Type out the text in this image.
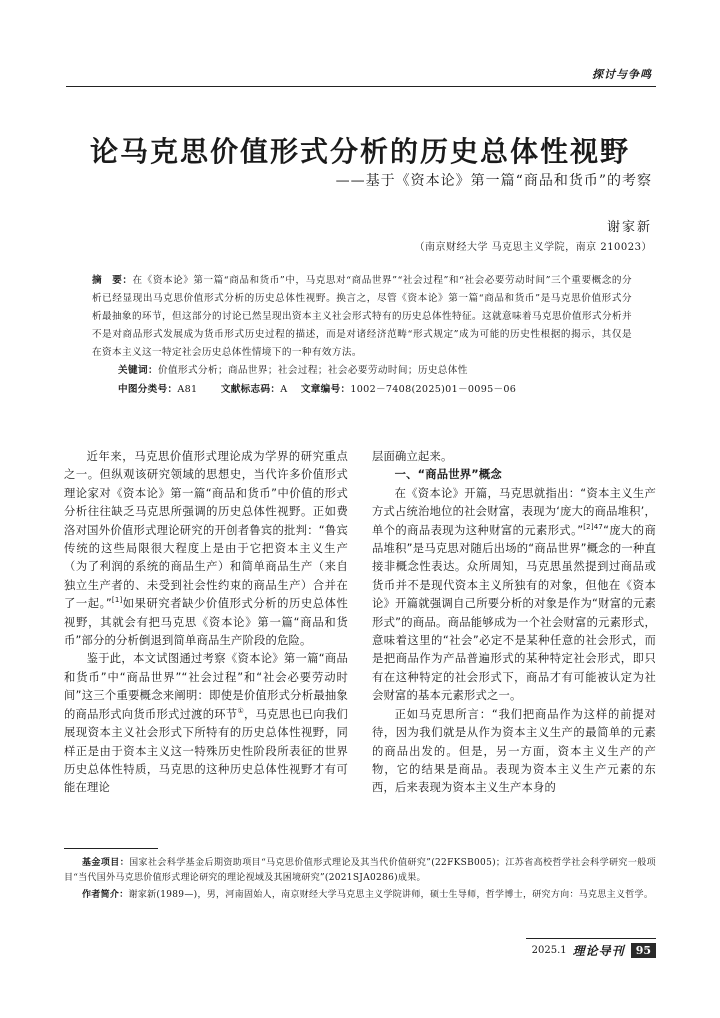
探讨与争鸣
论马克思价值形式分析的历史总体性视野
——基于《资本论》第一篇“商品和货币”的考察
谢家新
（南京财经大学 马克思主义学院，南京 210023）
摘　要：在《资本论》第一篇“商品和货币”中，马克思对“商品世界”“社会过程”和“社会必要劳动时间”三个重要概念的分析已经显现出马克思价值形式分析的历史总体性视野。换言之，尽管《资本论》第一篇“商品和货币”是马克思价值形式分析最抽象的环节，但这部分的讨论已然呈现出资本主义社会形式特有的历史总体性特征。这就意味着马克思价值形式分析并不是对商品形式发展成为货币形式历史过程的描述，而是对诸经济范畴“形式规定”成为可能的历史性根据的揭示，其仅是在资本主义这一特定社会历史总体性情境下的一种有效方法。
关键词：价值形式分析；商品世界；社会过程；社会必要劳动时间；历史总体性
中图分类号：A81 文献标志码：A 文章编号：1002－7408(2025)01－0095－06

近年来，马克思价值形式理论成为学界的研究重点之一。但纵观该研究领域的思想史，当代许多价值形式理论家对《资本论》第一篇“商品和货币”中价值的形式分析往往缺乏马克思所强调的历史总体性视野。正如费洛对国外价值形式理论研究的开创者鲁宾的批判：“鲁宾传统的这些局限很大程度上是由于它把资本主义生产（为了利润的系统的商品生产）和简单商品生产（来自独立生产者的、未受到社会性约束的商品生产）合并在了一起。”[1]如果研究者缺少价值形式分析的历史总体性视野，其就会有把马克思《资本论》第一篇“商品和货币”部分的分析倒退到简单商品生产阶段的危险。

鉴于此，本文试图通过考察《资本论》第一篇“商品和货币”中“商品世界”“社会过程”和“社会必要劳动时间”这三个重要概念来阐明：即使是价值形式分析最抽象的商品形式向货币形式过渡的环节①，马克思也已向我们展现资本主义社会形式下所特有的历史总体性视野，同样正是由于资本主义这一特殊历史性阶段所表征的世界历史总体性特质，马克思的这种历史总体性视野才有可能在理论

层面确立起来。

一、“商品世界”概念

在《资本论》开篇，马克思就指出：“资本主义生产方式占统治地位的社会财富，表现为‘庞大的商品堆积’，单个的商品表现为这种财富的元素形式。”$^{[2]47}$“庞大的商品堆积”是马克思对随后出场的“商品世界”概念的一种直接非概念性表达。众所周知，马克思虽然提到过商品或货币并不是现代资本主义所独有的对象，但他在《资本论》开篇就强调自己所要分析的对象是作为“财富的元素形式”的商品。商品能够成为一个社会财富的元素形式，意味着这里的“社会”必定不是某种任意的社会形式，而是把商品作为产品普遍形式的某种特定社会形式，即只有在这种特定的社会形式下，商品才有可能被认定为社会财富的基本元素形式之一。

正如马克思所言：“我们把商品作为这样的前提对待，因为我们就是从作为资本主义生产的最简单的元素的商品出发的。但是，另一方面，资本主义生产的产物，它的结果是商品。表现为资本主义生产元素的东西，后来表现为资本主义生产本身的

基金项目：国家社会科学基金后期资助项目“马克思价值形式理论及其当代价值研究”(22FKSB005)；江苏省高校哲学社会科学研究一般项目“当代国外马克思价值形式理论研究的理论视域及其困境研究”(2021SJA0286)成果。

作者简介：谢家新(1989—)，男，河南固始人，南京财经大学马克思主义学院讲师，硕士生导师，哲学博士，研究方向：马克思主义哲学。

2025.1 理论导刊	95
